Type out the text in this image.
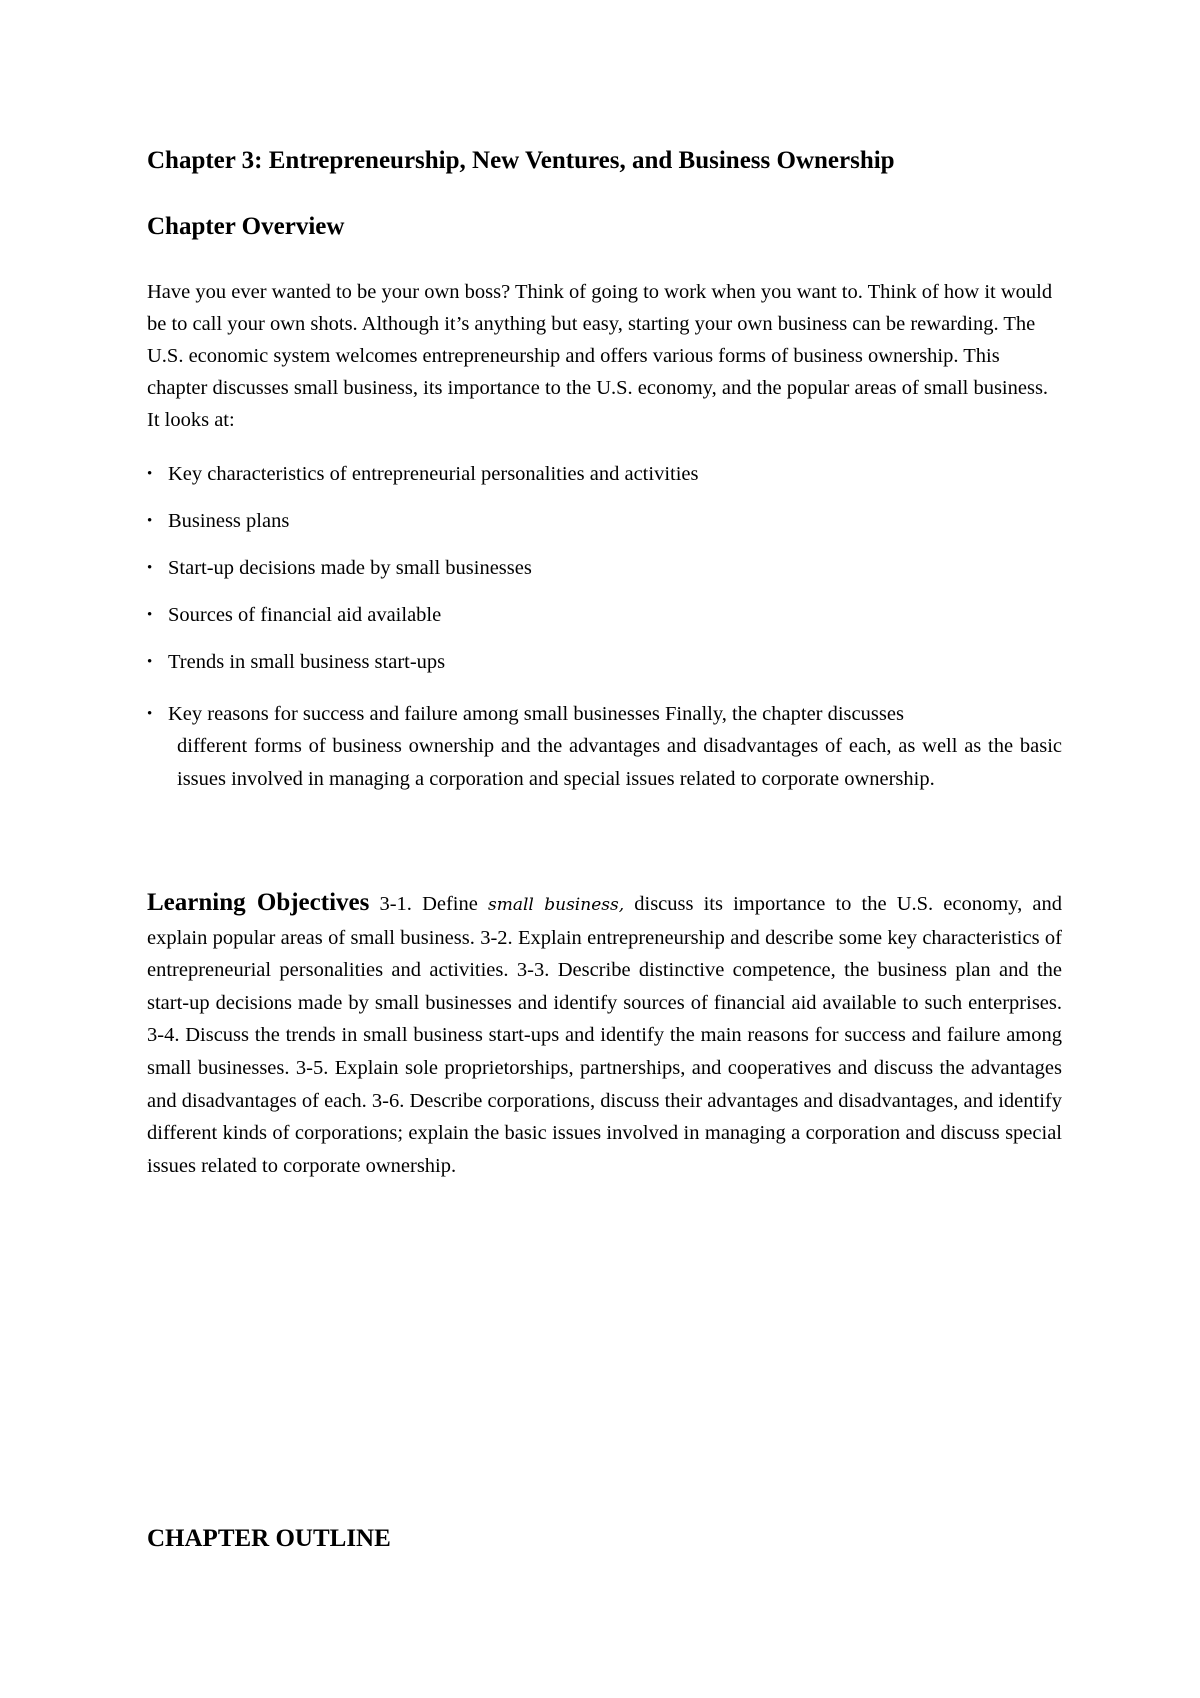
Chapter 3: Entrepreneurship, New Ventures, and Business Ownership
Chapter Overview

Have you ever wanted to be your own boss? Think of going to work when you want to. Think of how it would be to call your own shots. Although it’s anything but easy, starting your own business can be rewarding. The U.S. economic system welcomes entrepreneurship and offers various forms of business ownership. This chapter discusses small business, its importance to the U.S. economy, and the popular areas of small business. It looks at:

• Key characteristics of entrepreneurial personalities and activities
• Business plans
• Start-up decisions made by small businesses
• Sources of financial aid available
• Trends in small business start-ups
• Key reasons for success and failure among small businesses Finally, the chapter discusses
different forms of business ownership and the advantages and disadvantages of each, as well as the basic issues involved in managing a corporation and special issues related to corporate ownership.

Learning Objectives 3-1. Define small business, discuss its importance to the U.S. economy, and explain popular areas of small business. 3-2. Explain entrepreneurship and describe some key characteristics of entrepreneurial personalities and activities. 3-3. Describe distinctive competence, the business plan and the start-up decisions made by small businesses and identify sources of financial aid available to such enterprises. 3-4. Discuss the trends in small business start-ups and identify the main reasons for success and failure among small businesses. 3-5. Explain sole proprietorships, partnerships, and cooperatives and discuss the advantages and disadvantages of each. 3-6. Describe corporations, discuss their advantages and disadvantages, and identify different kinds of corporations; explain the basic issues involved in managing a corporation and discuss special issues related to corporate ownership.

CHAPTER OUTLINE
